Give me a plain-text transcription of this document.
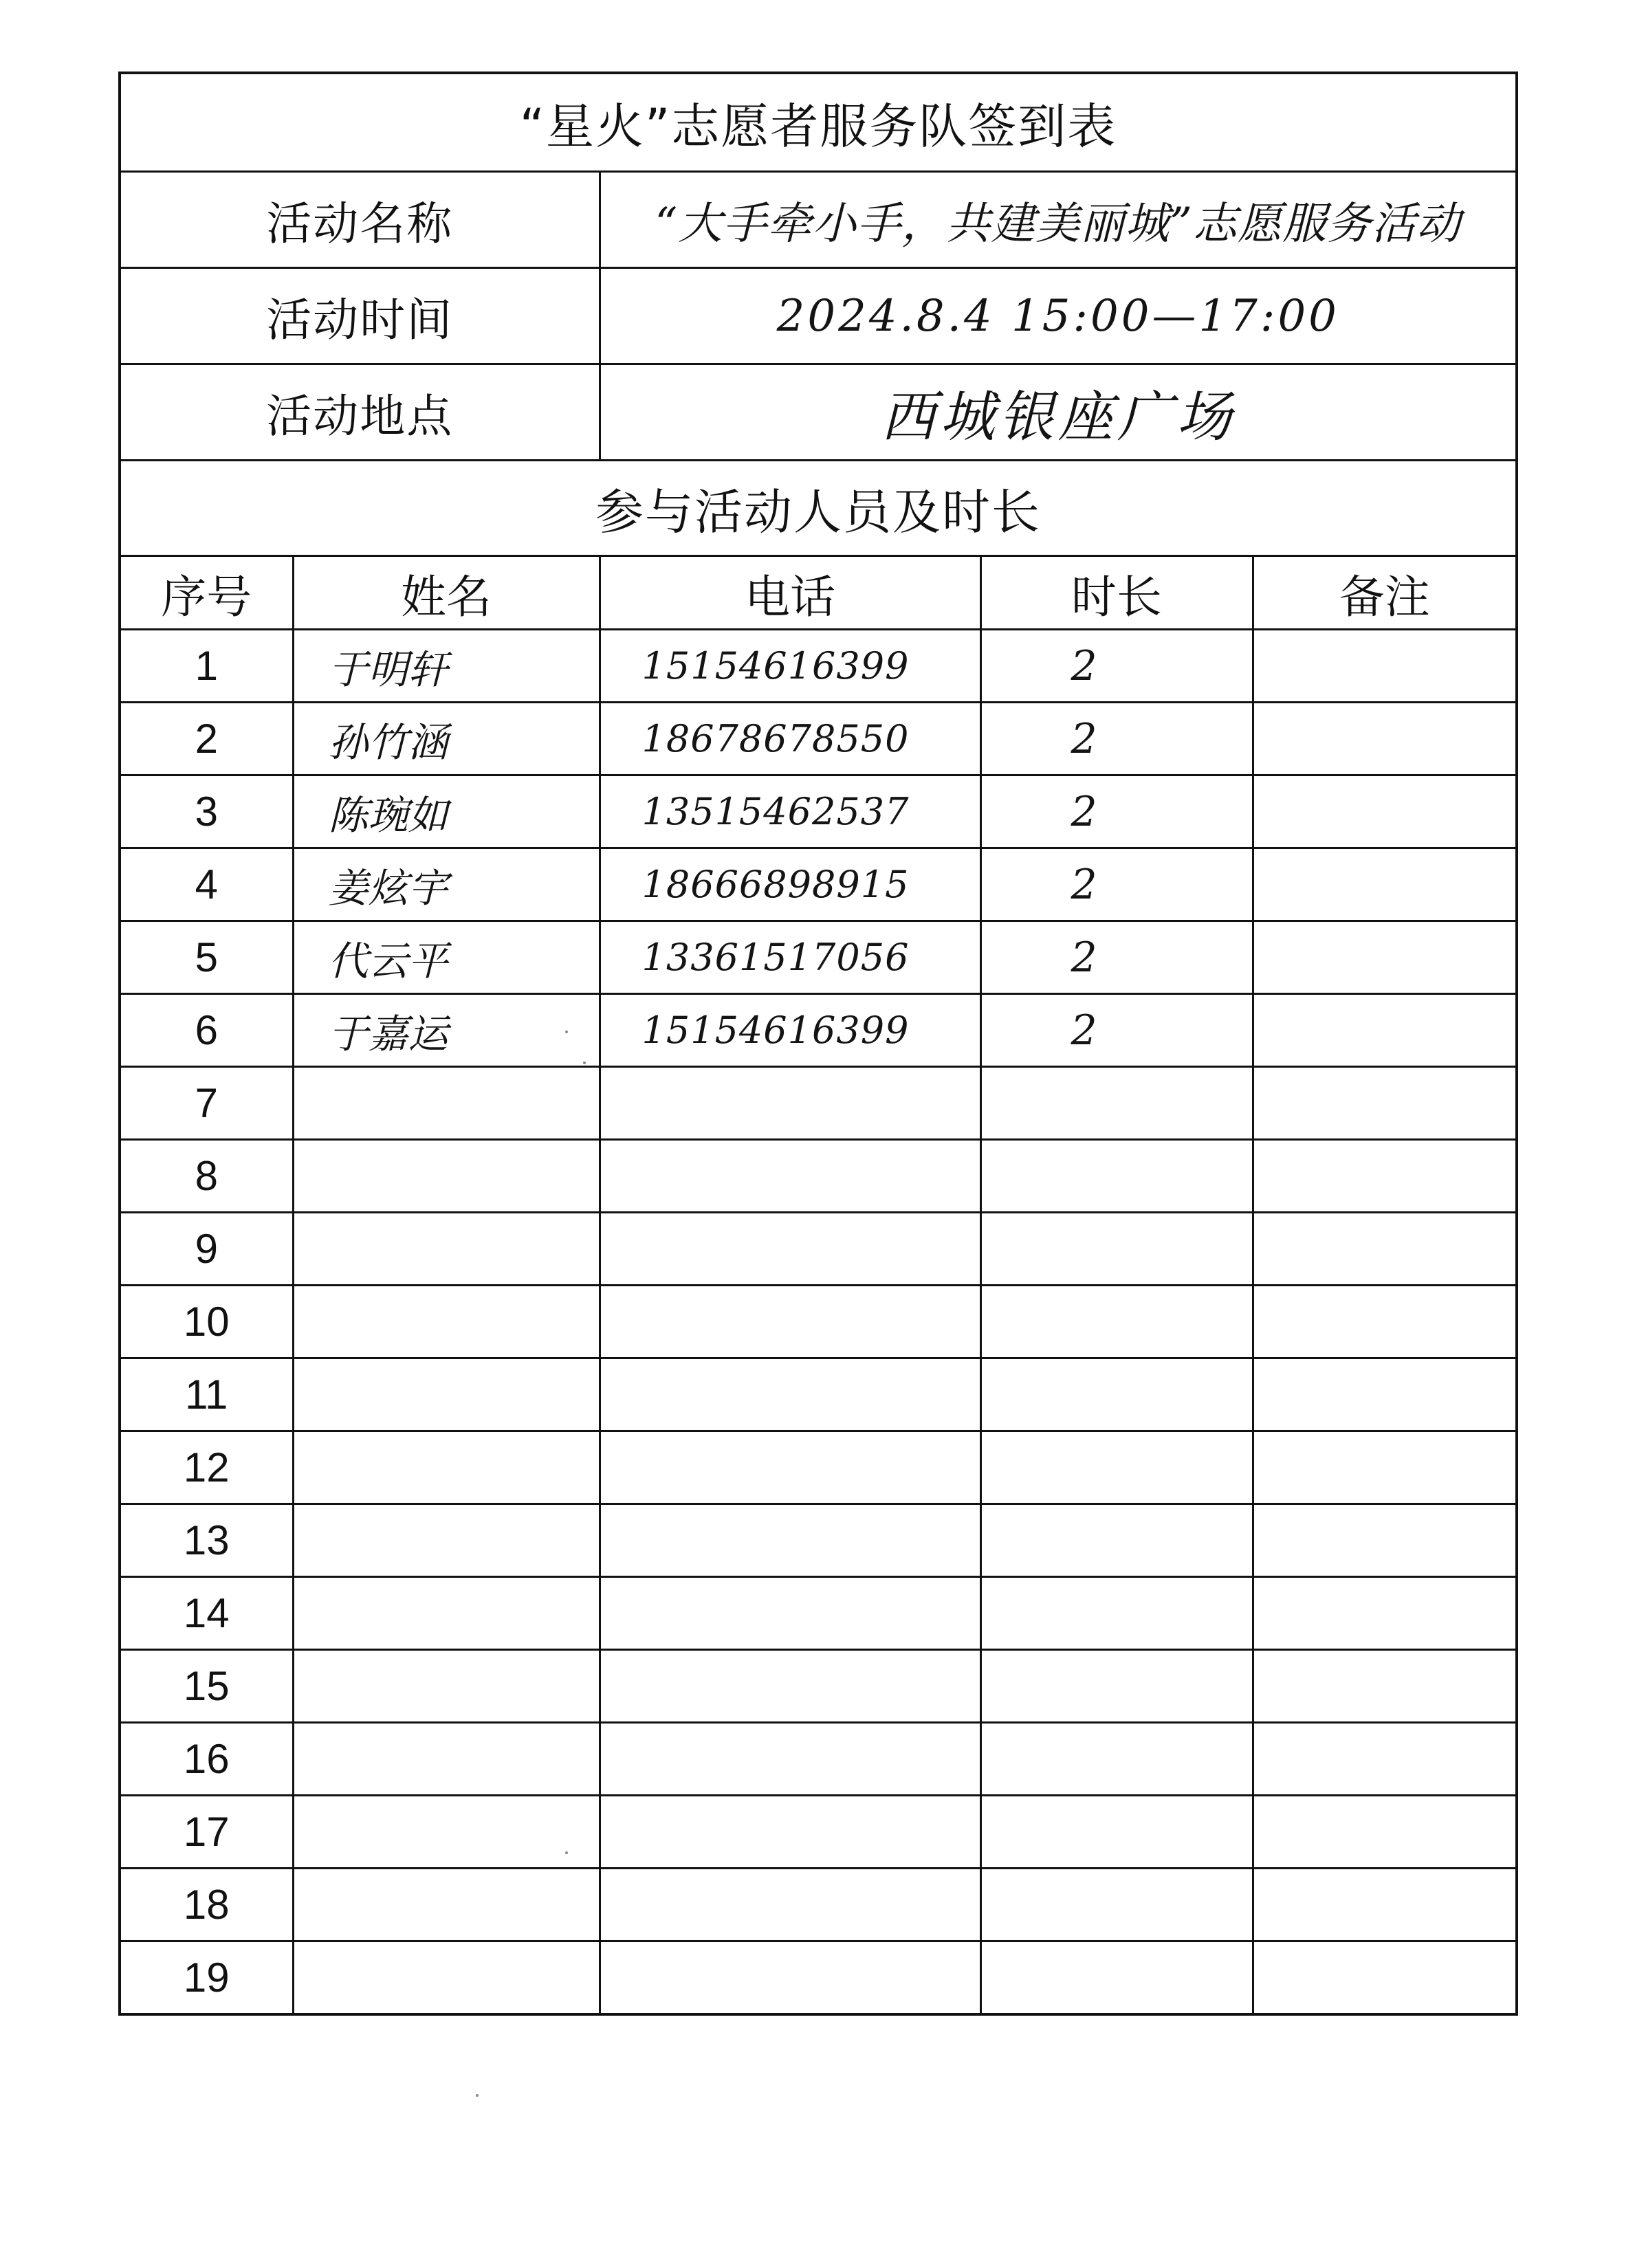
“星火”志愿者服务队签到表				
活动名称		“大手牵小手，共建美丽城”志愿服务活动		
活动时间		2024.8.4 15:00—17:00		
活动地点		西城银座广场		
参与活动人员及时长				
序号	姓名	电话	时长	备注
1	于明轩	15154616399	2	
2	孙竹涵	18678678550	2	
3	陈琬如	13515462537	2	
4	姜炫宇	18666898915	2	
5	代云平	13361517056	2	
6	于嘉运	15154616399	2	
7				
8				
9				
10				
11				
12				
13				
14				
15				
16				
17				
18				
19				
